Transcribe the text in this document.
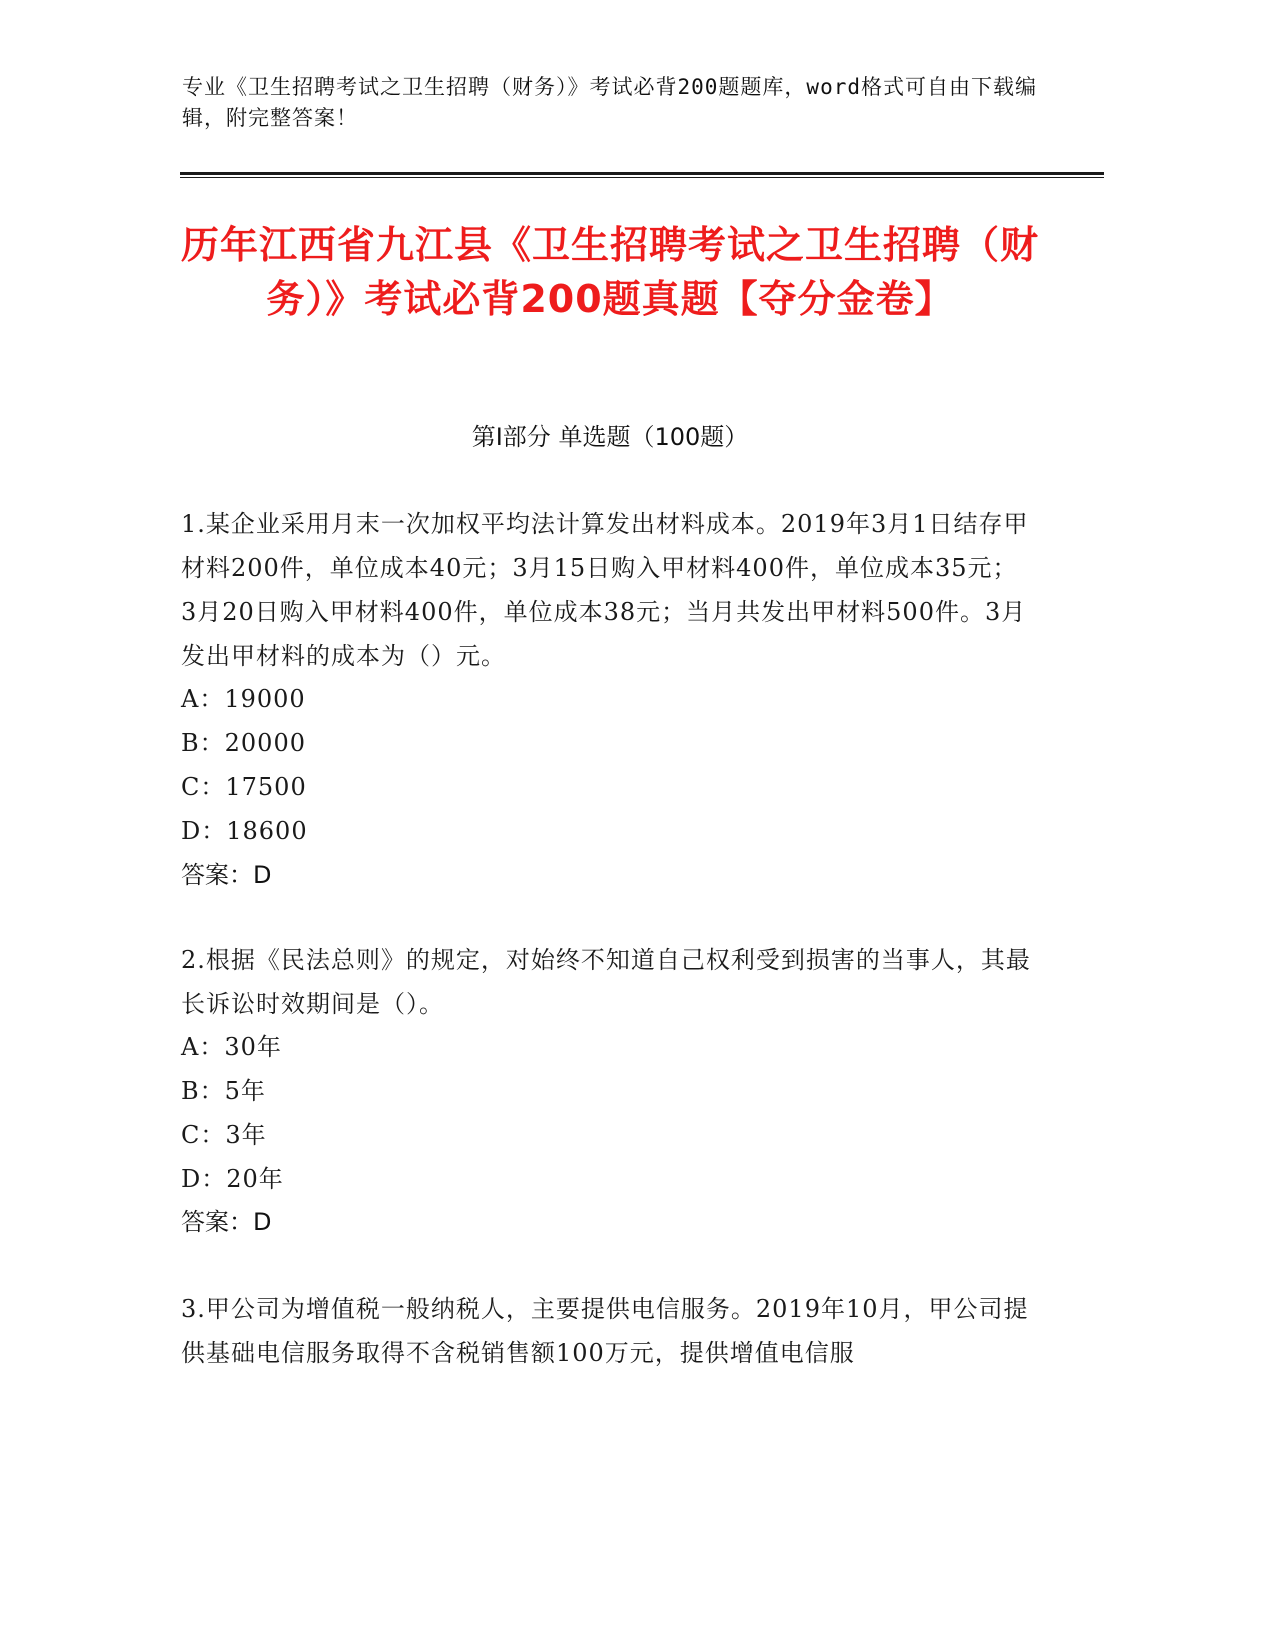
专业《卫生招聘考试之卫生招聘（财务）》考试必背200题题库，word格式可自由下载编辑，附完整答案！
历年江西省九江县《卫生招聘考试之卫生招聘（财务）》考试必背200题真题【夺分金卷】
第I部分 单选题（100题）
1.某企业采用月末一次加权平均法计算发出材料成本。2019年3月1日结存甲材料200件，单位成本40元；3月15日购入甲材料400件，单位成本35元；3月20日购入甲材料400件，单位成本38元；当月共发出甲材料500件。3月发出甲材料的成本为（）元。
A：19000
B：20000
C：17500
D：18600
答案：D
2.根据《民法总则》的规定，对始终不知道自己权利受到损害的当事人，其最长诉讼时效期间是（）。
A：30年
B：5年
C：3年
D：20年
答案：D
3.甲公司为增值税一般纳税人，主要提供电信服务。2019年10月，甲公司提供基础电信服务取得不含税销售额100万元，提供增值电信服
